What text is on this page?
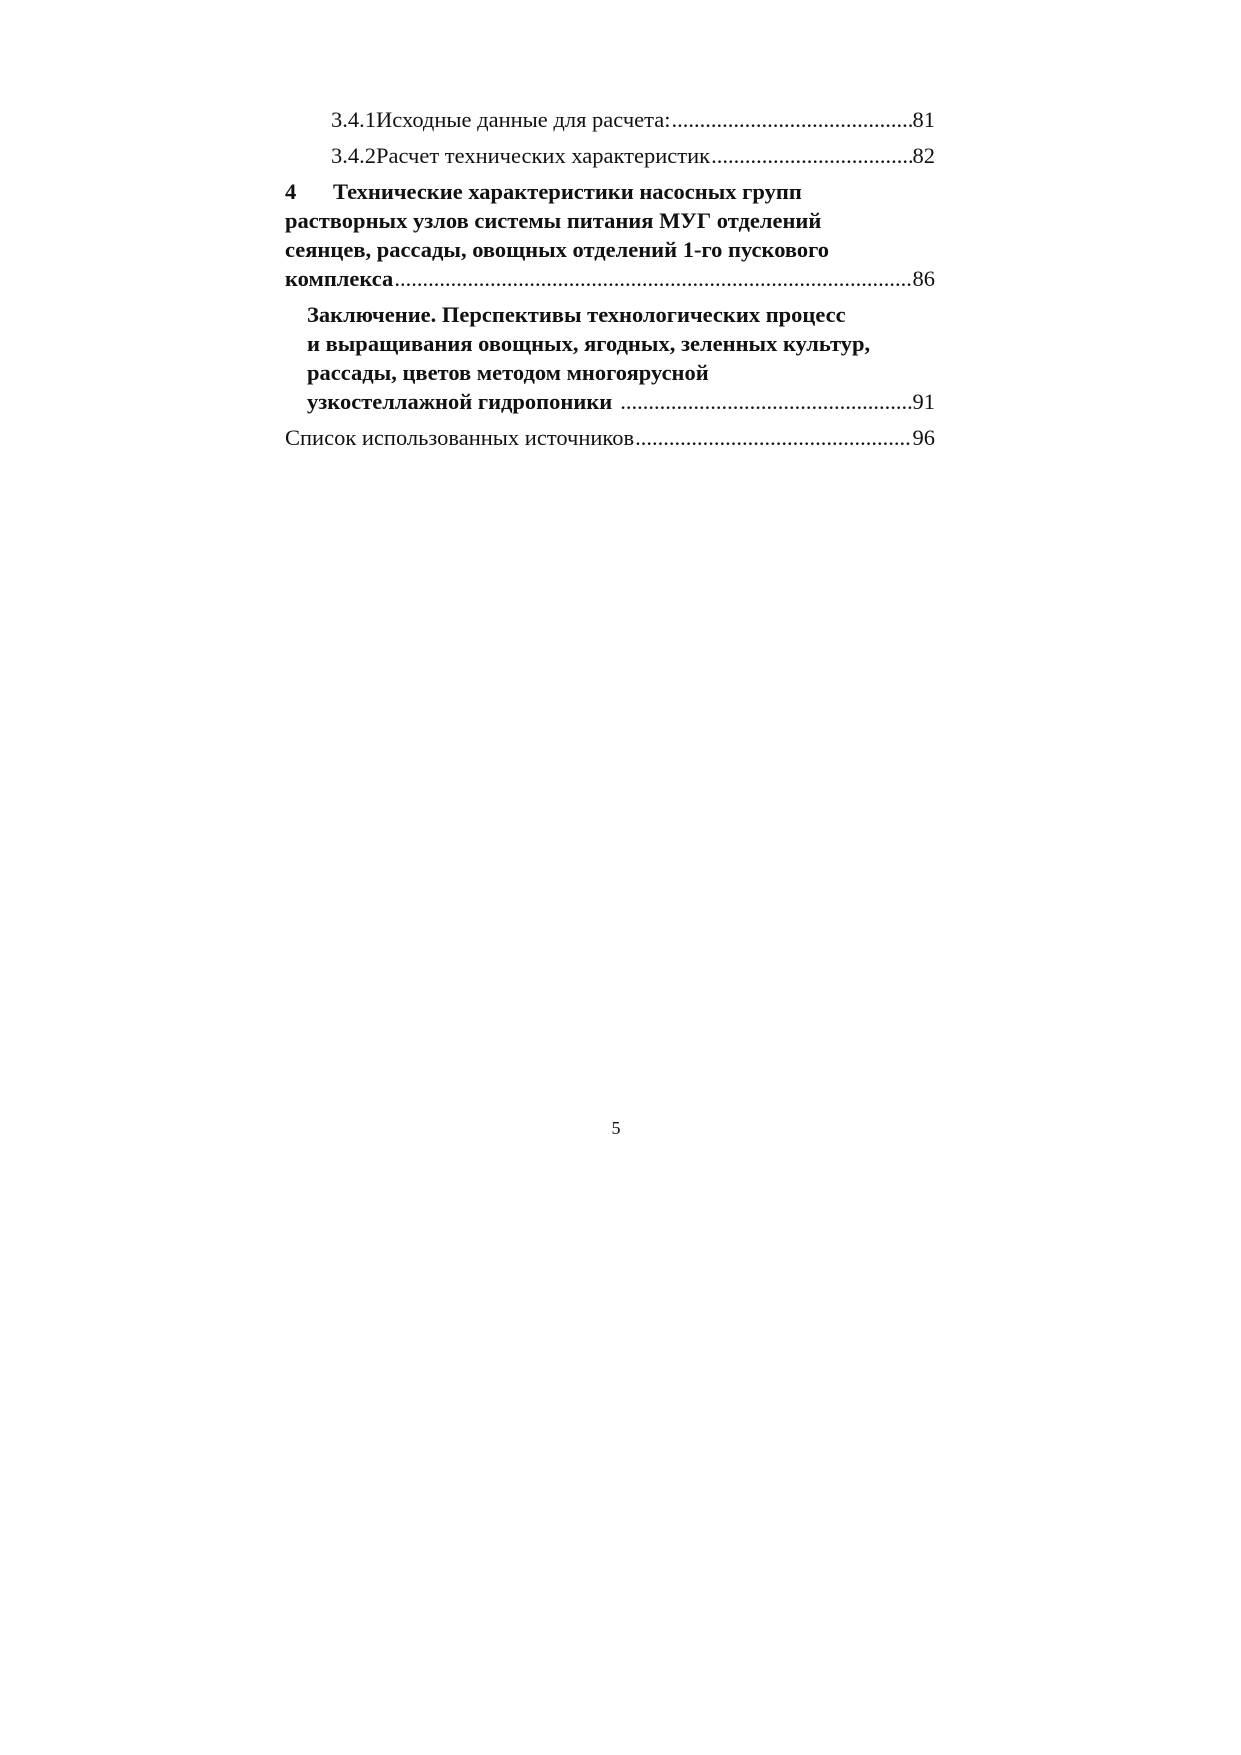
3.4.1 Исходные данные для расчета: .....	81
3.4.2 Расчет технических характеристик .....	82
4	Технические характеристики насосных групп
растворных узлов системы питания МУГ отделений
сеянцев, рассады, овощных отделений 1-го пускового
комплекса .....	86
Заключение. Перспективы технологических процесс
и выращивания овощных, ягодных, зеленных культур,
рассады, цветов методом многоярусной
узкостеллажной гидропоники .....	91
Список использованных источников .....	96
5
